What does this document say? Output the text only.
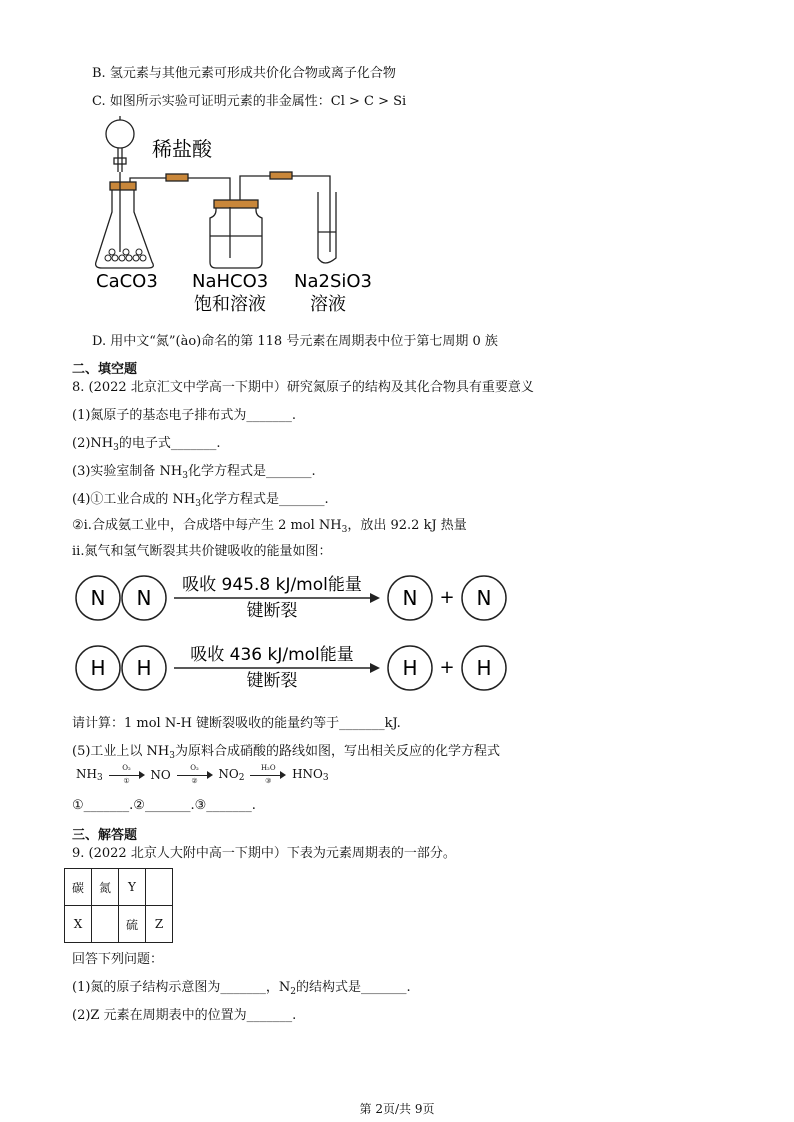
B. 氢元素与其他元素可形成共价化合物或离子化合物
C. 如图所示实验可证明元素的非金属性：Cl > C > Si
稀盐酸
CaCO3 NaHCO3
饱和溶液
Na2SiO3
溶液
D. 用中文“氮”(ào)命名的第 118 号元素在周期表中位于第七周期 0 族
二、填空题
8. (2022 北京汇文中学高一下期中）研究氮原子的结构及其化合物具有重要意义
(1)氮原子的基态电子排布式为_______.
$(2)NH_3$的电子式_______.
(3)实验室制备 $NH_3$化学方程式是_______.
(4)①工业合成的 $NH_3$化学方程式是_______.
②i.合成氨工业中，合成塔中每产生 2 mol $NH_3$，放出 92.2 kJ 热量
ii.氮气和氢气断裂其共价键吸收的能量如图：
N N	N + N
H H	H + H
吸收 945.8 kJ/mol能量
键断裂
吸收 436 kJ/mol能量
键断裂
请计算：1 mol N-H 键断裂吸收的能量约等于_______kJ.
(5)工业上以 $NH_3$为原料合成硝酸的路线如图，写出相关反应的化学方程式
$NH_3$
O₂
①	NO	O₂
②	$NO_2$
H₂O
③	$HNO_3$
①_______.②_______.③_______.
三、解答题
9. (2022 北京人大附中高一下期中）下表为元素周期表的一部分。
碳	氮	Y	
X		硫	Z
回答下列问题：
(1)氮的原子结构示意图为_______，$N_2$的结构式是_______.
(2)Z 元素在周期表中的位置为_______.
第 2页/共 9页
